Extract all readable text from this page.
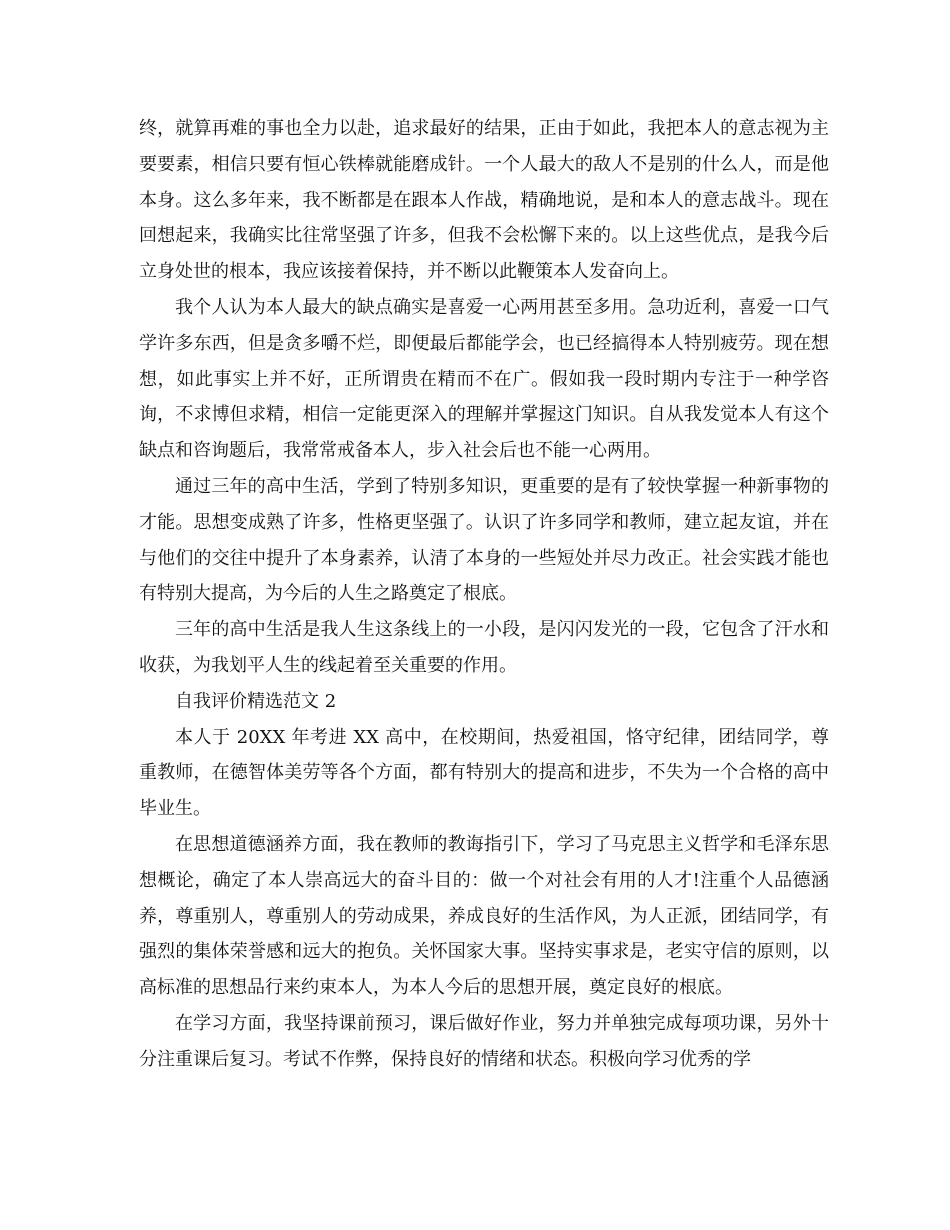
终，就算再难的事也全力以赴，追求最好的结果，正由于如此，我把本人的意志视为主要要素，相信只要有恒心铁棒就能磨成针。一个人最大的敌人不是别的什么人，而是他本身。这么多年来，我不断都是在跟本人作战，精确地说，是和本人的意志战斗。现在回想起来，我确实比往常坚强了许多，但我不会松懈下来的。以上这些优点，是我今后立身处世的根本，我应该接着保持，并不断以此鞭策本人发奋向上。

我个人认为本人最大的缺点确实是喜爱一心两用甚至多用。急功近利，喜爱一口气学许多东西，但是贪多嚼不烂，即便最后都能学会，也已经搞得本人特别疲劳。现在想想，如此事实上并不好，正所谓贵在精而不在广。假如我一段时期内专注于一种学咨询，不求博但求精，相信一定能更深入的理解并掌握这门知识。自从我发觉本人有这个缺点和咨询题后，我常常戒备本人，步入社会后也不能一心两用。

通过三年的高中生活，学到了特别多知识，更重要的是有了较快掌握一种新事物的才能。思想变成熟了许多，性格更坚强了。认识了许多同学和教师，建立起友谊，并在与他们的交往中提升了本身素养，认清了本身的一些短处并尽力改正。社会实践才能也有特别大提高，为今后的人生之路奠定了根底。

三年的高中生活是我人生这条线上的一小段，是闪闪发光的一段，它包含了汗水和收获，为我划平人生的线起着至关重要的作用。

自我评价精选范文 2

本人于 20XX 年考进 XX 高中，在校期间，热爱祖国，恪守纪律，团结同学，尊重教师，在德智体美劳等各个方面，都有特别大的提高和进步，不失为一个合格的高中毕业生。

在思想道德涵养方面，我在教师的教诲指引下，学习了马克思主义哲学和毛泽东思想概论，确定了本人崇高远大的奋斗目的：做一个对社会有用的人才!注重个人品德涵养，尊重别人，尊重别人的劳动成果，养成良好的生活作风，为人正派，团结同学，有强烈的集体荣誉感和远大的抱负。关怀国家大事。坚持实事求是，老实守信的原则，以高标准的思想品行来约束本人，为本人今后的思想开展，奠定良好的根底。

在学习方面，我坚持课前预习，课后做好作业，努力并单独完成每项功课，另外十分注重课后复习。考试不作弊，保持良好的情绪和状态。积极向学习优秀的学
